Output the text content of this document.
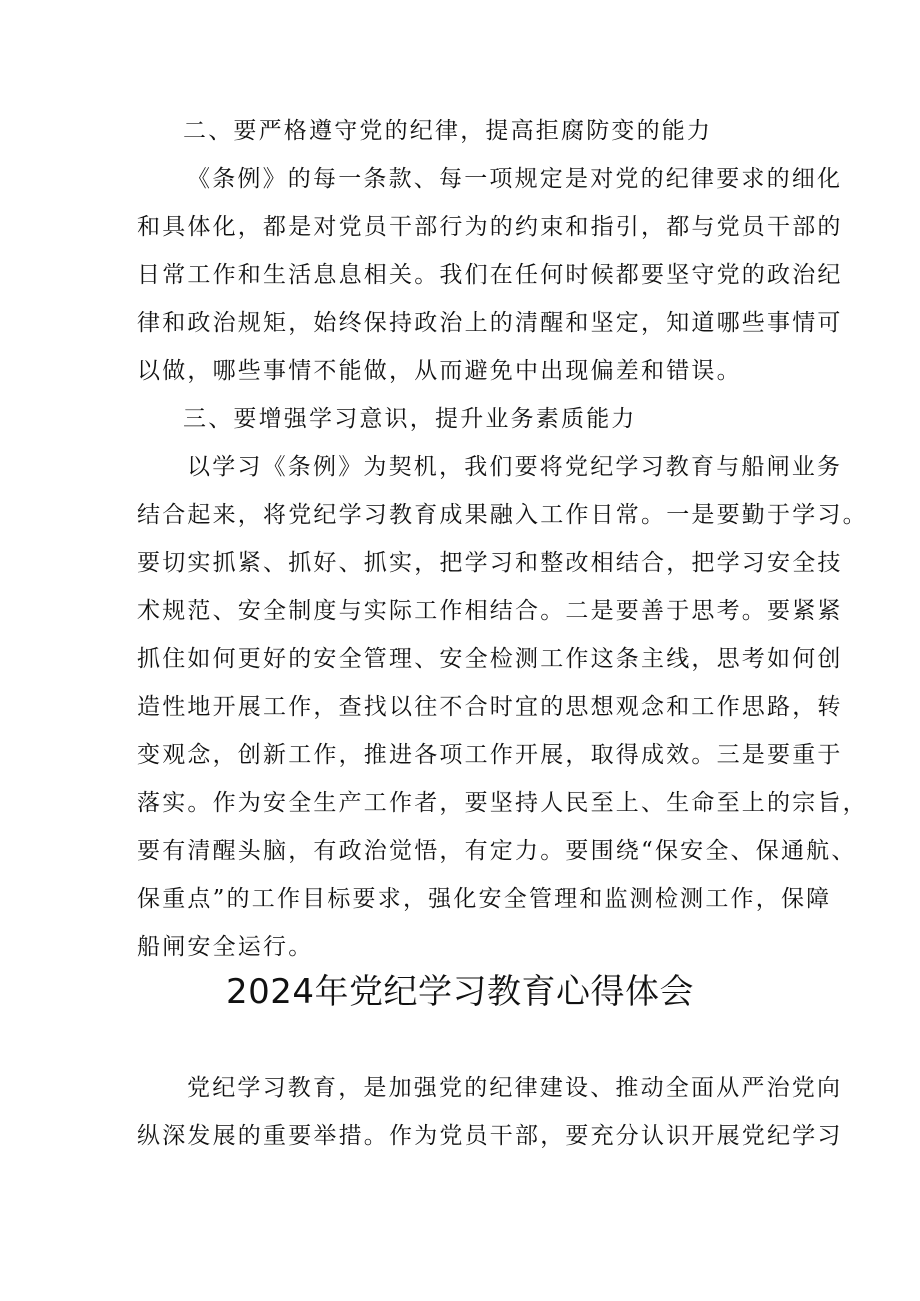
二、要严格遵守党的纪律，提高拒腐防变的能力
《条例》的每一条款、每一项规定是对党的纪律要求的细化
和具体化，都是对党员干部行为的约束和指引，都与党员干部的
日常工作和生活息息相关。我们在任何时候都要坚守党的政治纪
律和政治规矩，始终保持政治上的清醒和坚定，知道哪些事情可
以做，哪些事情不能做，从而避免中出现偏差和错误。
三、要增强学习意识，提升业务素质能力
以学习《条例》为契机，我们要将党纪学习教育与船闸业务
结合起来，将党纪学习教育成果融入工作日常。一是要勤于学习。
要切实抓紧、抓好、抓实，把学习和整改相结合，把学习安全技
术规范、安全制度与实际工作相结合。二是要善于思考。要紧紧
抓住如何更好的安全管理、安全检测工作这条主线，思考如何创
造性地开展工作，查找以往不合时宜的思想观念和工作思路，转
变观念，创新工作，推进各项工作开展，取得成效。三是要重于
落实。作为安全生产工作者，要坚持人民至上、生命至上的宗旨，
要有清醒头脑，有政治觉悟，有定力。要围绕“保安全、保通航、
保重点”的工作目标要求，强化安全管理和监测检测工作，保障
船闸安全运行。
2024年党纪学习教育心得体会
党纪学习教育，是加强党的纪律建设、推动全面从严治党向
纵深发展的重要举措。作为党员干部，要充分认识开展党纪学习
